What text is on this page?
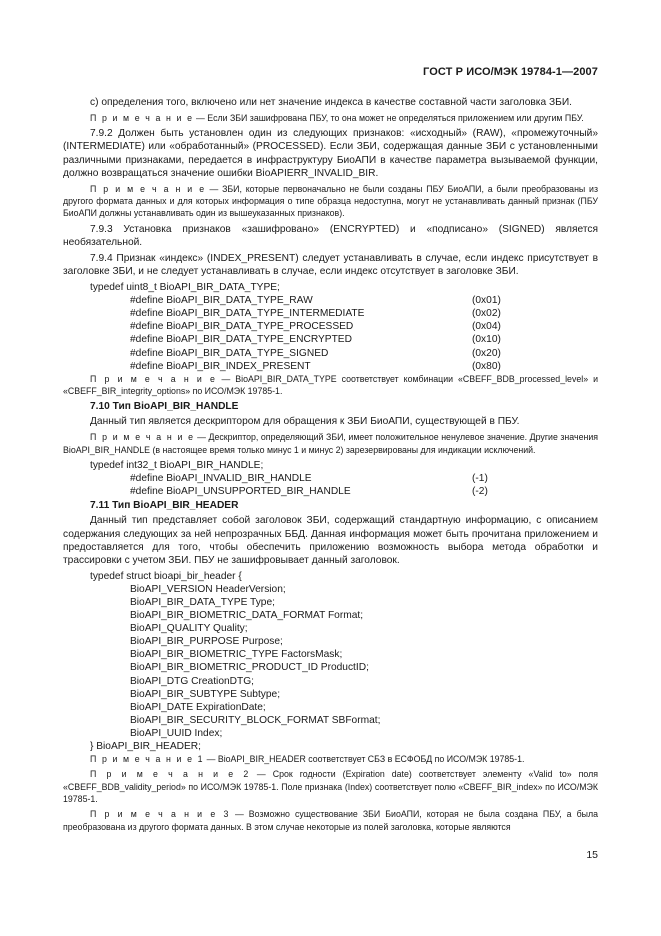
ГОСТ Р ИСО/МЭК 19784-1—2007

с) определения того, включено или нет значение индекса в качестве составной части заголовка ЗБИ.

П р и м е ч а н и е — Если ЗБИ зашифрована ПБУ, то она может не определяться приложением или другим ПБУ.

7.9.2 Должен быть установлен один из следующих признаков: «исходный» (RAW), «промежуточный» (INTERMEDIATE) или «обработанный» (PROCESSED). Если ЗБИ, содержащая данные ЗБИ с установленными различными признаками, передается в инфраструктуру БиоАПИ в качестве параметра вызываемой функции, должно возвращаться значение ошибки BioAPIERR_INVALID_BIR.

П р и м е ч а н и е — ЗБИ, которые первоначально не были созданы ПБУ БиоАПИ, а были преобразованы из другого формата данных и для которых информация о типе образца недоступна, могут не устанавливать данный признак (ПБУ БиоАПИ должны устанавливать один из вышеуказанных признаков).

7.9.3 Установка признаков «зашифровано» (ENCRYPTED) и «подписано» (SIGNED) является необязательной.

7.9.4 Признак «индекс» (INDEX_PRESENT) следует устанавливать в случае, если индекс присутствует в заголовке ЗБИ, и не следует устанавливать в случае, если индекс отсутствует в заголовке ЗБИ.

typedef uint8_t BioAPI_BIR_DATA_TYPE;
#define BioAPI_BIR_DATA_TYPE_RAW	(0x01)
#define BioAPI_BIR_DATA_TYPE_INTERMEDIATE	(0x02)
#define BioAPI_BIR_DATA_TYPE_PROCESSED	(0x04)
#define BioAPI_BIR_DATA_TYPE_ENCRYPTED	(0x10)
#define BioAPI_BIR_DATA_TYPE_SIGNED	(0x20)
#define BioAPI_BIR_INDEX_PRESENT	(0x80)

П р и м е ч а н и е — BioAPI_BIR_DATA_TYPE соответствует комбинации «CBEFF_BDB_processed_level» и «CBEFF_BIR_integrity_options» по ИСО/МЭК 19785-1.

7.10 Тип BioAPI_BIR_HANDLE

Данный тип является дескриптором для обращения к ЗБИ БиоАПИ, существующей в ПБУ.

П р и м е ч а н и е — Дескриптор, определяющий ЗБИ, имеет положительное ненулевое значение. Другие значения BioAPI_BIR_HANDLE (в настоящее время только минус 1 и минус 2) зарезервированы для индикации исключений.

typedef int32_t BioAPI_BIR_HANDLE;
#define BioAPI_INVALID_BIR_HANDLE	(-1)
#define BioAPI_UNSUPPORTED_BIR_HANDLE	(-2)
7.11 Тип BioAPI_BIR_HEADER

Данный тип представляет собой заголовок ЗБИ, содержащий стандартную информацию, с описанием содержания следующих за ней непрозрачных ББД. Данная информация может быть прочитана приложением и предоставляется для того, чтобы обеспечить приложению возможность выбора метода обработки и трассировки с учетом ЗБИ. ПБУ не зашифровывает данный заголовок.

typedef struct bioapi_bir_header {
BioAPI_VERSION HeaderVersion;
BioAPI_BIR_DATA_TYPE Type;
BioAPI_BIR_BIOMETRIC_DATA_FORMAT Format;
BioAPI_QUALITY Quality;
BioAPI_BIR_PURPOSE Purpose;
BioAPI_BIR_BIOMETRIC_TYPE FactorsMask;
BioAPI_BIR_BIOMETRIC_PRODUCT_ID ProductID;
BioAPI_DTG CreationDTG;
BioAPI_BIR_SUBTYPE Subtype;
BioAPI_DATE ExpirationDate;
BioAPI_BIR_SECURITY_BLOCK_FORMAT SBFormat;
BioAPI_UUID Index;
} BioAPI_BIR_HEADER;

П р и м е ч а н и е 1 — BioAPI_BIR_HEADER соответствует СБЗ в ЕСФОБД по ИСО/МЭК 19785-1.

П р и м е ч а н и е 2 — Срок годности (Expiration date) соответствует элементу «Valid to» поля «CBEFF_BDB_validity_period» по ИСО/МЭК 19785-1. Поле признака (Index) соответствует полю «CBEFF_BIR_index» по ИСО/МЭК 19785-1.

П р и м е ч а н и е 3 — Возможно существование ЗБИ БиоАПИ, которая не была создана ПБУ, а была преобразована из другого формата данных. В этом случае некоторые из полей заголовка, которые являются

15
